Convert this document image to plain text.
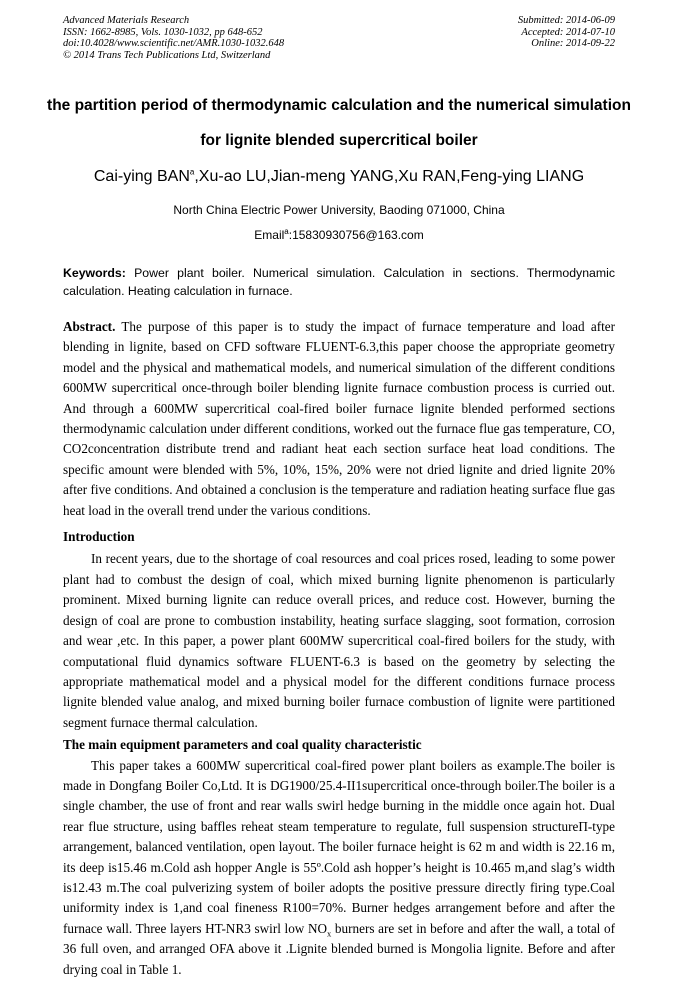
Advanced Materials Research
ISSN: 1662-8985, Vols. 1030-1032, pp 648-652
doi:10.4028/www.scientific.net/AMR.1030-1032.648
© 2014 Trans Tech Publications Ltd, Switzerland
Submitted: 2014-06-09
Accepted: 2014-07-10
Online: 2014-09-22
the partition period of thermodynamic calculation and the numerical simulation for lignite blended supercritical boiler
Cai-ying BAN$^a$,Xu-ao LU,Jian-meng YANG,Xu RAN,Feng-ying LIANG
North China Electric Power University, Baoding 071000, China
Email$^a$:15830930756@163.com
Keywords: Power plant boiler. Numerical simulation. Calculation in sections. Thermodynamic calculation. Heating calculation in furnace.
Abstract. The purpose of this paper is to study the impact of furnace temperature and load after blending in lignite, based on CFD software FLUENT-6.3,this paper choose the appropriate geometry model and the physical and mathematical models, and numerical simulation of the different conditions 600MW supercritical once-through boiler blending lignite furnace combustion process is curried out. And through a 600MW supercritical coal-fired boiler furnace lignite blended performed sections thermodynamic calculation under different conditions, worked out the furnace flue gas temperature, CO, CO2concentration distribute trend and radiant heat each section surface heat load conditions. The specific amount were blended with 5%, 10%, 15%, 20% were not dried lignite and dried lignite 20% after five conditions. And obtained a conclusion is the temperature and radiation heating surface flue gas heat load in the overall trend under the various conditions.
Introduction
In recent years, due to the shortage of coal resources and coal prices rosed, leading to some power plant had to combust the design of coal, which mixed burning lignite phenomenon is particularly prominent. Mixed burning lignite can reduce overall prices, and reduce cost. However, burning the design of coal are prone to combustion instability, heating surface slagging, soot formation, corrosion and wear ,etc. In this paper, a power plant 600MW supercritical coal-fired boilers for the study, with computational fluid dynamics software FLUENT-6.3 is based on the geometry by selecting the appropriate mathematical model and a physical model for the different conditions furnace process lignite blended value analog, and mixed burning boiler furnace combustion of lignite were partitioned segment furnace thermal calculation.
The main equipment parameters and coal quality characteristic
This paper takes a 600MW supercritical coal-fired power plant boilers as example.The boiler is made in Dongfang Boiler Co,Ltd. It is DG1900/25.4-II1supercritical once-through boiler.The boiler is a single chamber, the use of front and rear walls swirl hedge burning in the middle once again hot. Dual rear flue structure, using baffles reheat steam temperature to regulate, full suspension structureΠ-type arrangement, balanced ventilation, open layout. The boiler furnace height is 62 m and width is 22.16 m, its deep is15.46 m.Cold ash hopper Angle is 55º.Cold ash hopper’s height is 10.465 m,and slag’s width is12.43 m.The coal pulverizing system of boiler adopts the positive pressure directly firing type.Coal uniformity index is 1,and coal fineness R100=70%. Burner hedges arrangement before and after the furnace wall. Three layers HT-NR3 swirl low $NO_x$ burners are set in before and after the wall, a total of 36 full oven, and arranged OFA above it .Lignite blended burned is Mongolia lignite. Before and after drying coal in Table 1.
